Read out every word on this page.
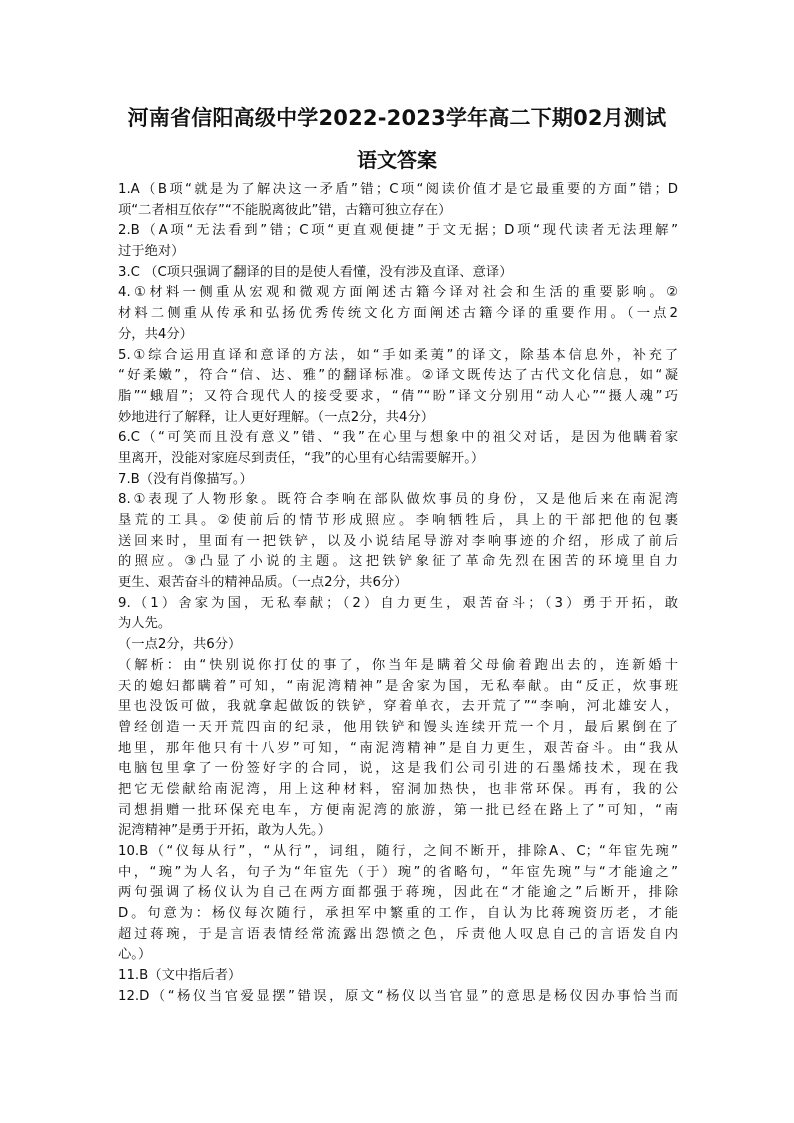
河南省信阳高级中学2022-2023学年高二下期02月测试
语文答案
1.A（B项“就是为了解决这一矛盾”错；C项“阅读价值才是它最重要的方面”错；D
项“二者相互依存”“不能脱离彼此”错，古籍可独立存在）
2.B（A项“无法看到”错；C项“更直观便捷”于文无据；D项“现代读者无法理解”
过于绝对）
3.C （C项只强调了翻译的目的是使人看懂，没有涉及直译、意译）
4.①材料一侧重从宏观和微观方面阐述古籍今译对社会和生活的重要影响。②
材料二侧重从传承和弘扬优秀传统文化方面阐述古籍今译的重要作用。（一点2
分，共4分）
5.①综合运用直译和意译的方法，如“手如柔荑”的译文，除基本信息外，补充了
“好柔嫩”，符合“信、达、雅”的翻译标准。②译文既传达了古代文化信息，如“凝
脂”“蛾眉”；又符合现代人的接受要求，“倩”“盼”译文分别用“动人心”“摄人魂”巧
妙地进行了解释，让人更好理解。（一点2分，共4分）
6.C（“可笑而且没有意义”错、“我”在心里与想象中的祖父对话，是因为他瞒着家
里离开，没能对家庭尽到责任，“我”的心里有心结需要解开。）
7.B（没有肖像描写。）
8.①表现了人物形象。既符合李响在部队做炊事员的身份，又是他后来在南泥湾
垦荒的工具。②使前后的情节形成照应。李响牺牲后，具上的干部把他的包裹
送回来时，里面有一把铁铲，以及小说结尾导游对李响事迹的介绍，形成了前后
的照应。③凸显了小说的主题。这把铁铲象征了革命先烈在困苦的环境里自力
更生、艰苦奋斗的精神品质。（一点2分，共6分）
9.（1）舍家为国，无私奉献；（2）自力更生，艰苦奋斗；（3）勇于开拓，敢
为人先。
（一点2分，共6分）
（解析：由“快别说你打仗的事了，你当年是瞒着父母偷着跑出去的，连新婚十
天的媳妇都瞒着”可知，“南泥湾精神”是舍家为国，无私奉献。由“反正，炊事班
里也没饭可做，我就拿起做饭的铁铲，穿着单衣，去开荒了”“李响，河北雄安人，
曾经创造一天开荒四亩的纪录，他用铁铲和馒头连续开荒一个月，最后累倒在了
地里，那年他只有十八岁”可知，“南泥湾精神”是自力更生，艰苦奋斗。由“我从
电脑包里拿了一份签好字的合同，说，这是我们公司引进的石墨烯技术，现在我
把它无偿献给南泥湾，用上这种材料，窑洞加热快，也非常环保。再有，我的公
司想捐赠一批环保充电车，方便南泥湾的旅游，第一批已经在路上了”可知，“南
泥湾精神”是勇于开拓，敢为人先。）
10.B（“仪每从行”，“从行”，词组，随行，之间不断开，排除A、C；“年宦先琬”
中，“琬”为人名，句子为“年宦先（于）琬”的省略句，“年宦先琬”与“才能逾之”
两句强调了杨仪认为自己在两方面都强于蒋琬，因此在“才能逾之”后断开，排除
D。句意为：杨仪每次随行，承担军中繁重的工作，自认为比蒋琬资历老，才能
超过蒋琬，于是言语表情经常流露出怨愤之色，斥责他人叹息自己的言语发自内
心。）
11.B（文中指后者）
12.D（“杨仪当官爱显摆”错误，原文“杨仪以当官显”的意思是杨仪因办事恰当而
